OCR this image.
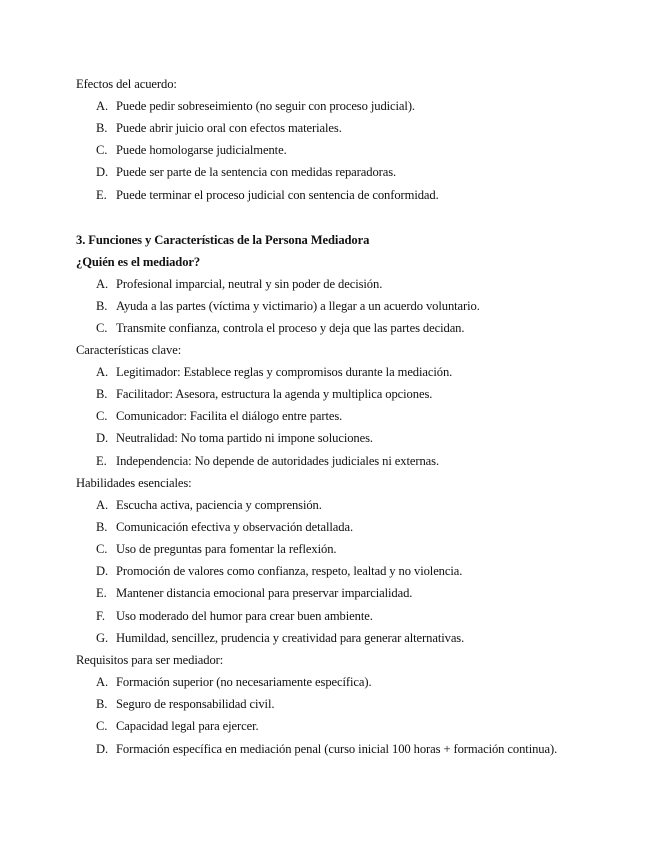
Efectos del acuerdo:
A. Puede pedir sobreseimiento (no seguir con proceso judicial).
B. Puede abrir juicio oral con efectos materiales.
C. Puede homologarse judicialmente.
D. Puede ser parte de la sentencia con medidas reparadoras.
E. Puede terminar el proceso judicial con sentencia de conformidad.
3. Funciones y Características de la Persona Mediadora
¿Quién es el mediador?
A. Profesional imparcial, neutral y sin poder de decisión.
B. Ayuda a las partes (víctima y victimario) a llegar a un acuerdo voluntario.
C. Transmite confianza, controla el proceso y deja que las partes decidan.
Características clave:
A. Legitimador: Establece reglas y compromisos durante la mediación.
B. Facilitador: Asesora, estructura la agenda y multiplica opciones.
C. Comunicador: Facilita el diálogo entre partes.
D. Neutralidad: No toma partido ni impone soluciones.
E. Independencia: No depende de autoridades judiciales ni externas.
Habilidades esenciales:
A. Escucha activa, paciencia y comprensión.
B. Comunicación efectiva y observación detallada.
C. Uso de preguntas para fomentar la reflexión.
D. Promoción de valores como confianza, respeto, lealtad y no violencia.
E. Mantener distancia emocional para preservar imparcialidad.
F. Uso moderado del humor para crear buen ambiente.
G. Humildad, sencillez, prudencia y creatividad para generar alternativas.
Requisitos para ser mediador:
A. Formación superior (no necesariamente específica).
B. Seguro de responsabilidad civil.
C. Capacidad legal para ejercer.
D. Formación específica en mediación penal (curso inicial 100 horas + formación continua).
